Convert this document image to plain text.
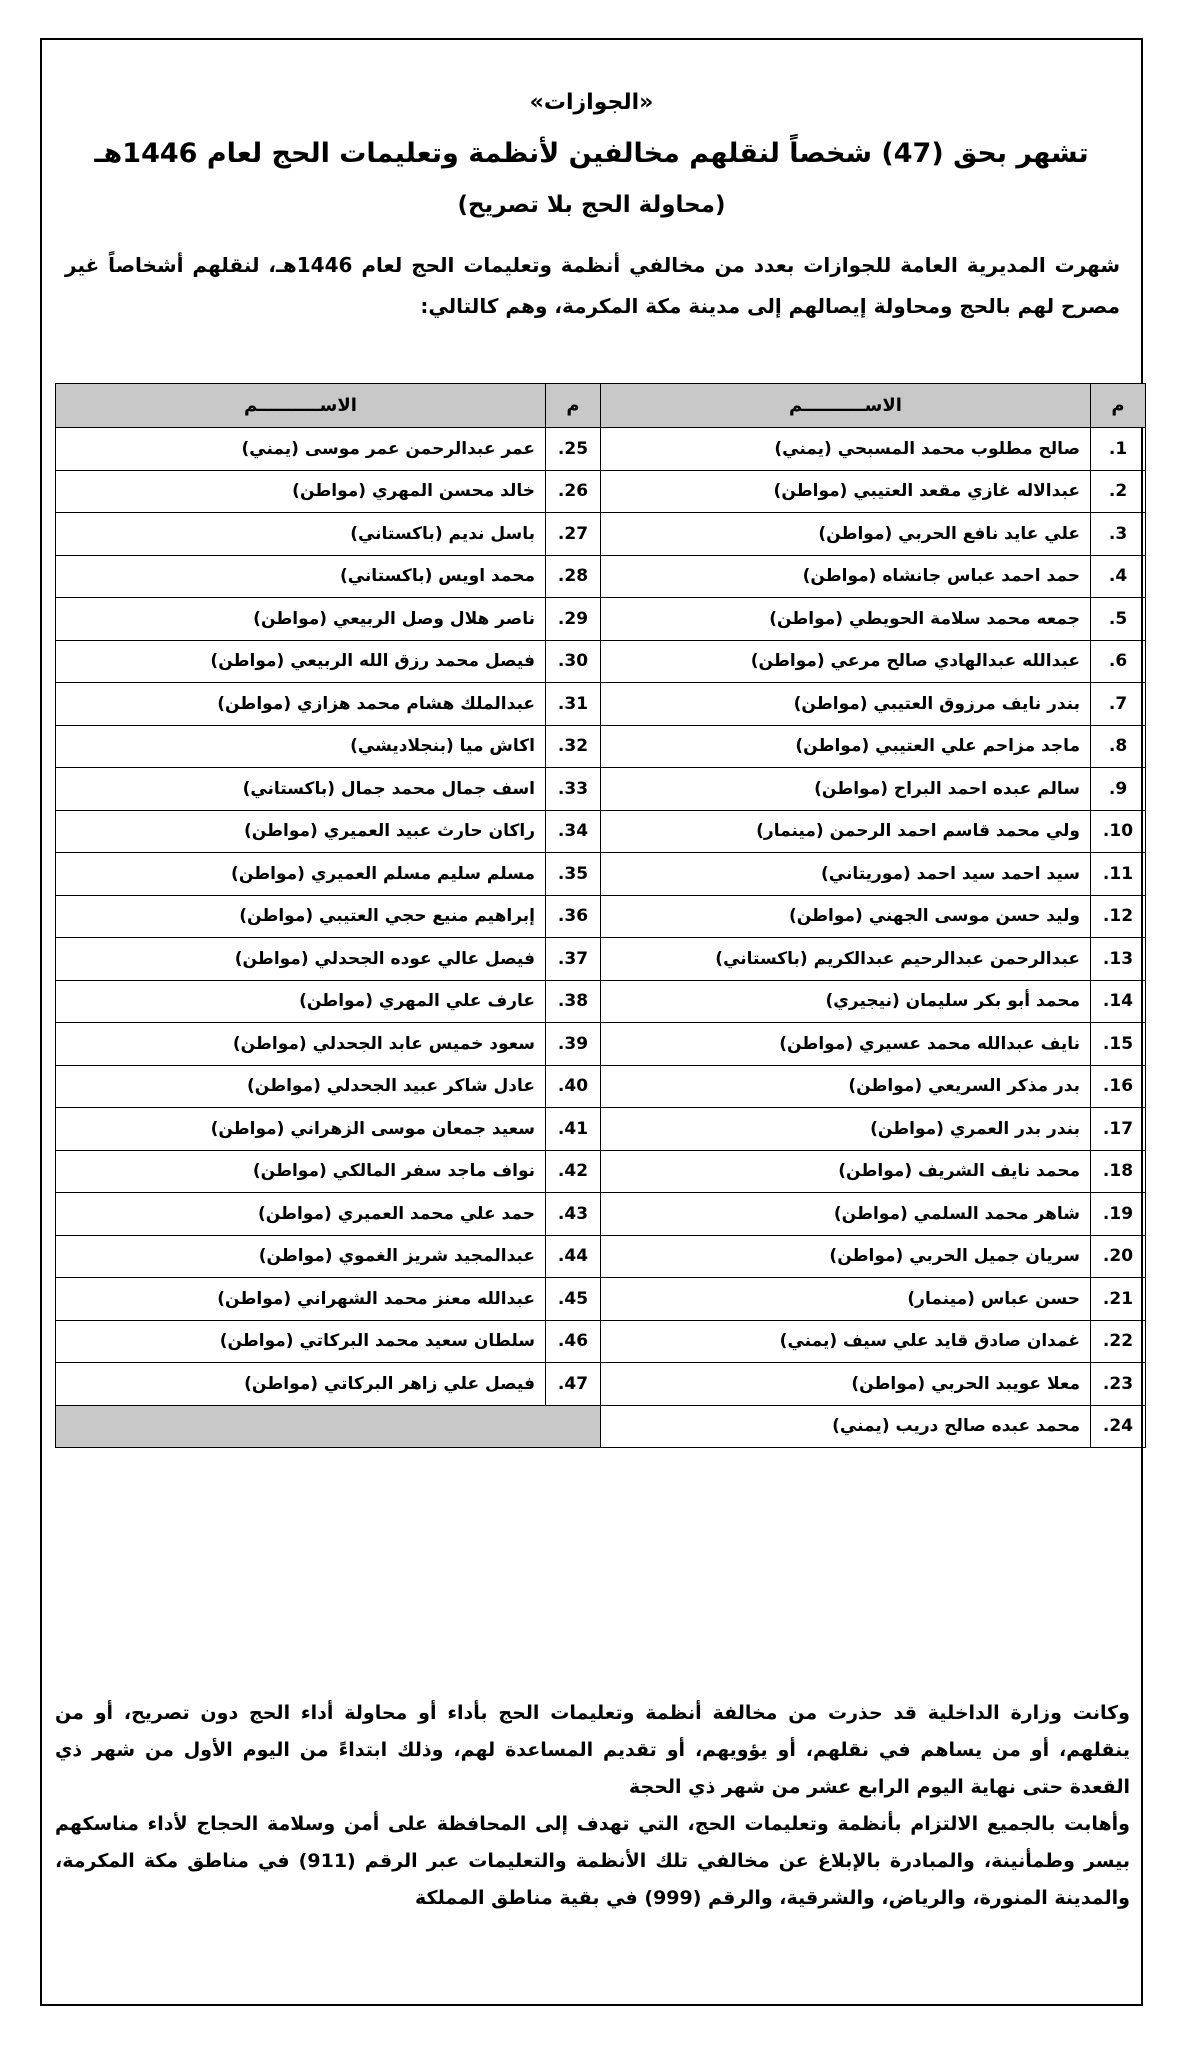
«الجوازات»
تشهر بحق (47) شخصاً لنقلهم مخالفين لأنظمة وتعليمات الحج لعام 1446هـ
(محاولة الحج بلا تصريح)

شهرت المديرية العامة للجوازات بعدد من مخالفي أنظمة وتعليمات الحج لعام 1446هـ، لنقلهم أشخاصاً غير مصرح لهم بالحج ومحاولة إيصالهم إلى مدينة مكة المكرمة، وهم كالتالي:

م	الاســــــــــم	م	الاســــــــــم
1.	صالح مطلوب محمد المسبحي (يمني)	25.	عمر عبدالرحمن عمر موسى (يمني)
2.	عبدالاله غازي مقعد العتيبي (مواطن)	26.	خالد محسن المهري (مواطن)
3.	علي عايد نافع الحربي (مواطن)	27.	باسل نديم (باكستاني)
4.	حمد احمد عباس جانشاه (مواطن)	28.	محمد اويس (باكستاني)
5.	جمعه محمد سلامة الحويطي (مواطن)	29.	ناصر هلال وصل الربيعي (مواطن)
6.	عبدالله عبدالهادي صالح مرعي (مواطن)	30.	فيصل محمد رزق الله الربيعي (مواطن)
7.	بندر نايف مرزوق العتيبي (مواطن)	31.	عبدالملك هشام محمد هزازي (مواطن)
8.	ماجد مزاحم علي العتيبي (مواطن)	32.	اكاش ميا (بنجلاديشي)
9.	سالم عبده احمد البراح (مواطن)	33.	اسف جمال محمد جمال (باكستاني)
10.	ولي محمد قاسم احمد الرحمن (مينمار)	34.	راكان حارث عبيد العميري (مواطن)
11.	سيد احمد سيد احمد (موريتاني)	35.	مسلم سليم مسلم العميري (مواطن)
12.	وليد حسن موسى الجهني (مواطن)	36.	إبراهيم منيع حجي العتيبي (مواطن)
13.	عبدالرحمن عبدالرحيم عبدالكريم (باكستاني)	37.	فيصل عالي عوده الجحدلي (مواطن)
14.	محمد أبو بكر سليمان (نيجيري)	38.	عارف علي المهري (مواطن)
15.	نايف عبدالله محمد عسيري (مواطن)	39.	سعود خميس عابد الجحدلي (مواطن)
16.	بدر مذكر السريعي (مواطن)	40.	عادل شاكر عبيد الجحدلي (مواطن)
17.	بندر بدر العمري (مواطن)	41.	سعيد جمعان موسى الزهراني (مواطن)
18.	محمد نايف الشريف (مواطن)	42.	نواف ماجد سفر المالكي (مواطن)
19.	شاهر محمد السلمي (مواطن)	43.	حمد علي محمد العميري (مواطن)
20.	سريان جميل الحربي (مواطن)	44.	عبدالمجيد شريز الغموي (مواطن)
21.	حسن عباس (مينمار)	45.	عبدالله معنز محمد الشهراني (مواطن)
22.	غمدان صادق قايد علي سيف (يمني)	46.	سلطان سعيد محمد البركاتي (مواطن)
23.	معلا عويبد الحربي (مواطن)	47.	فيصل علي زاهر البركاتي (مواطن)
24.	محمد عبده صالح دريب (يمني)		

وكانت وزارة الداخلية قد حذرت من مخالفة أنظمة وتعليمات الحج بأداء أو محاولة أداء الحج دون تصريح، أو من ينقلهم، أو من يساهم في نقلهم، أو يؤويهم، أو تقديم المساعدة لهم، وذلك ابتداءً من اليوم الأول من شهر ذي القعدة حتى نهاية اليوم الرابع عشر من شهر ذي الحجة
وأهابت بالجميع الالتزام بأنظمة وتعليمات الحج، التي تهدف إلى المحافظة على أمن وسلامة الحجاج لأداء مناسكهم بيسر وطمأنينة، والمبادرة بالإبلاغ عن مخالفي تلك الأنظمة والتعليمات عبر الرقم (911) في مناطق مكة المكرمة، والمدينة المنورة، والرياض، والشرقية، والرقم (999) في بقية مناطق المملكة
